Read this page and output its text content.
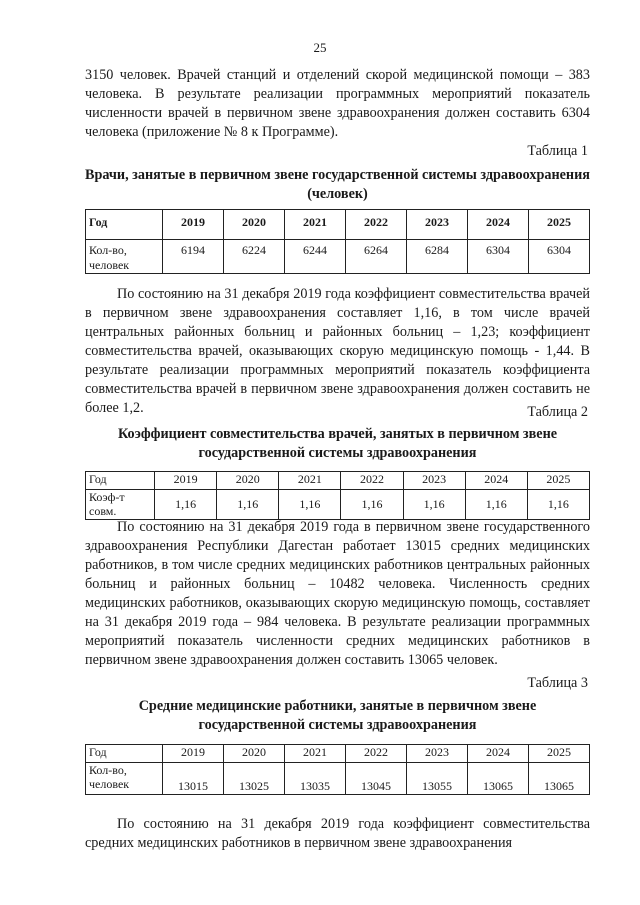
25

3150 человек. Врачей станций и отделений скорой медицинской помощи – 383 человека. В результате реализации программных мероприятий показатель численности врачей в первичном звене здравоохранения должен составить 6304 человека (приложение № 8 к Программе).

Таблица 1

Врачи, занятые в первичном звене государственной системы здравоохранения (человек)

Год	2019	2020	2021	2022	2023	2024	2025
Кол-во, человек	6194	6224	6244	6264	6284	6304	6304

По состоянию на 31 декабря 2019 года коэффициент совместительства врачей в первичном звене здравоохранения составляет 1,16, в том числе врачей центральных районных больниц и районных больниц – 1,23; коэффициент совместительства врачей, оказывающих скорую медицинскую помощь - 1,44. В результате реализации программных мероприятий показатель коэффициента совместительства врачей в первичном звене здравоохранения должен составить не более 1,2.	Таблица 2

Коэффициент совместительства врачей, занятых в первичном звене государственной системы здравоохранения

Год	2019	2020	2021	2022	2023	2024	2025
Коэф-т совм.	1,16	1,16	1,16	1,16	1,16	1,16	1,16

По состоянию на 31 декабря 2019 года в первичном звене государственного здравоохранения Республики Дагестан работает 13015 средних медицинских работников, в том числе средних медицинских работников центральных районных больниц и районных больниц – 10482 человека. Численность средних медицинских работников, оказывающих скорую медицинскую помощь, составляет на 31 декабря 2019 года – 984 человека. В результате реализации программных мероприятий показатель численности средних медицинских работников в первичном звене здравоохранения должен составить 13065 человек.

Таблица 3

Средние медицинские работники, занятые в первичном звене государственной системы здравоохранения

Год	2019	2020	2021	2022	2023	2024	2025
Кол-во, человек	13015	13025	13035	13045	13055	13065	13065

По состоянию на 31 декабря 2019 года коэффициент совместительства средних медицинских работников в первичном звене здравоохранения
